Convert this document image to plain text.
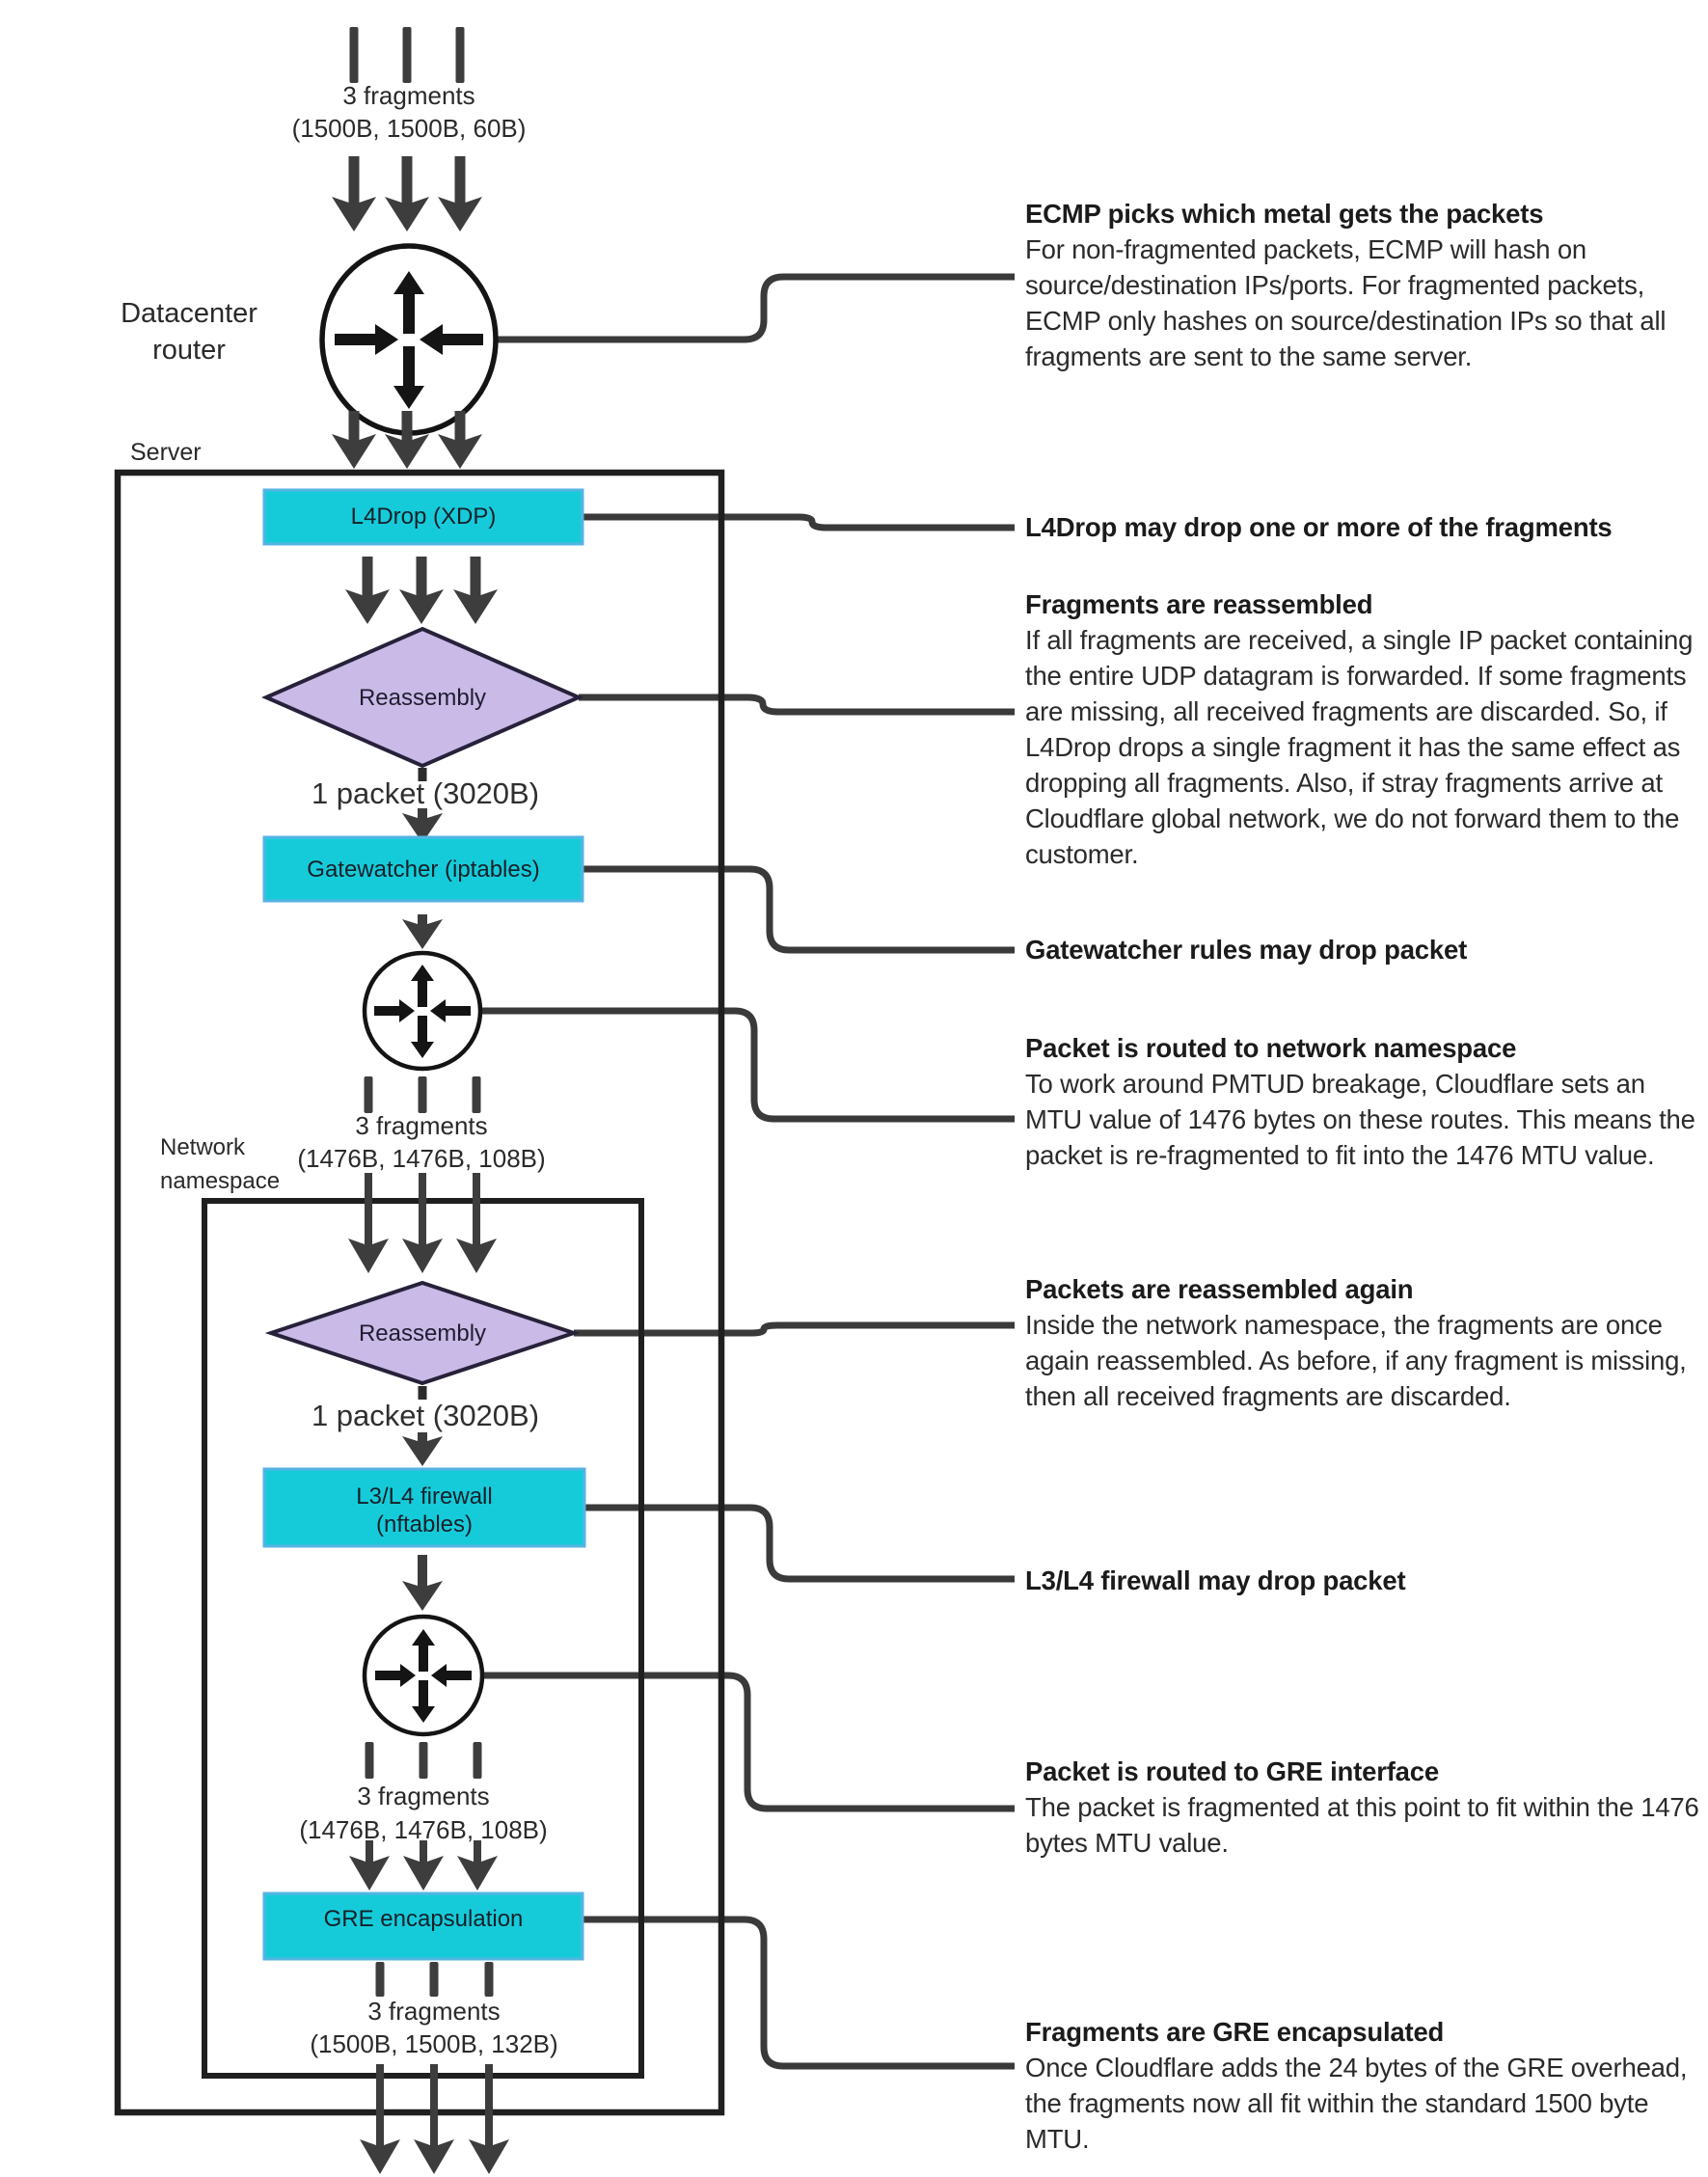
3 fragments
(1500B, 1500B, 60B)
Datacenter
router
Server
L4Drop (XDP)
Reassembly
1 packet (3020B)
Gatewatcher (iptables)
3 fragments
(1476B, 1476B, 108B)
Network
namespace
Reassembly
1 packet (3020B)
L3/L4 firewall
(nftables)
3 fragments
(1476B, 1476B, 108B)
GRE encapsulation
3 fragments
(1500B, 1500B, 132B)
ECMP picks which metal gets the packets
For non-fragmented packets, ECMP will hash on source/destination IPs/ports. For fragmented packets, ECMP only hashes on source/destination IPs so that all fragments are sent to the same server.
L4Drop may drop one or more of the fragments
Fragments are reassembled
If all fragments are received, a single IP packet containing the entire UDP datagram is forwarded. If some fragments are missing, all received fragments are discarded. So, if L4Drop drops a single fragment it has the same effect as dropping all fragments. Also, if stray fragments arrive at Cloudflare global network, we do not forward them to the customer.
Gatewatcher rules may drop packet
Packet is routed to network namespace
To work around PMTUD breakage, Cloudflare sets an MTU value of 1476 bytes on these routes. This means the packet is re-fragmented to fit into the 1476 MTU value.
Packets are reassembled again
Inside the network namespace, the fragments are once again reassembled. As before, if any fragment is missing, then all received fragments are discarded.
L3/L4 firewall may drop packet
Packet is routed to GRE interface
The packet is fragmented at this point to fit within the 1476 bytes MTU value.
Fragments are GRE encapsulated
Once Cloudflare adds the 24 bytes of the GRE overhead, the fragments now all fit within the standard 1500 byte MTU.
